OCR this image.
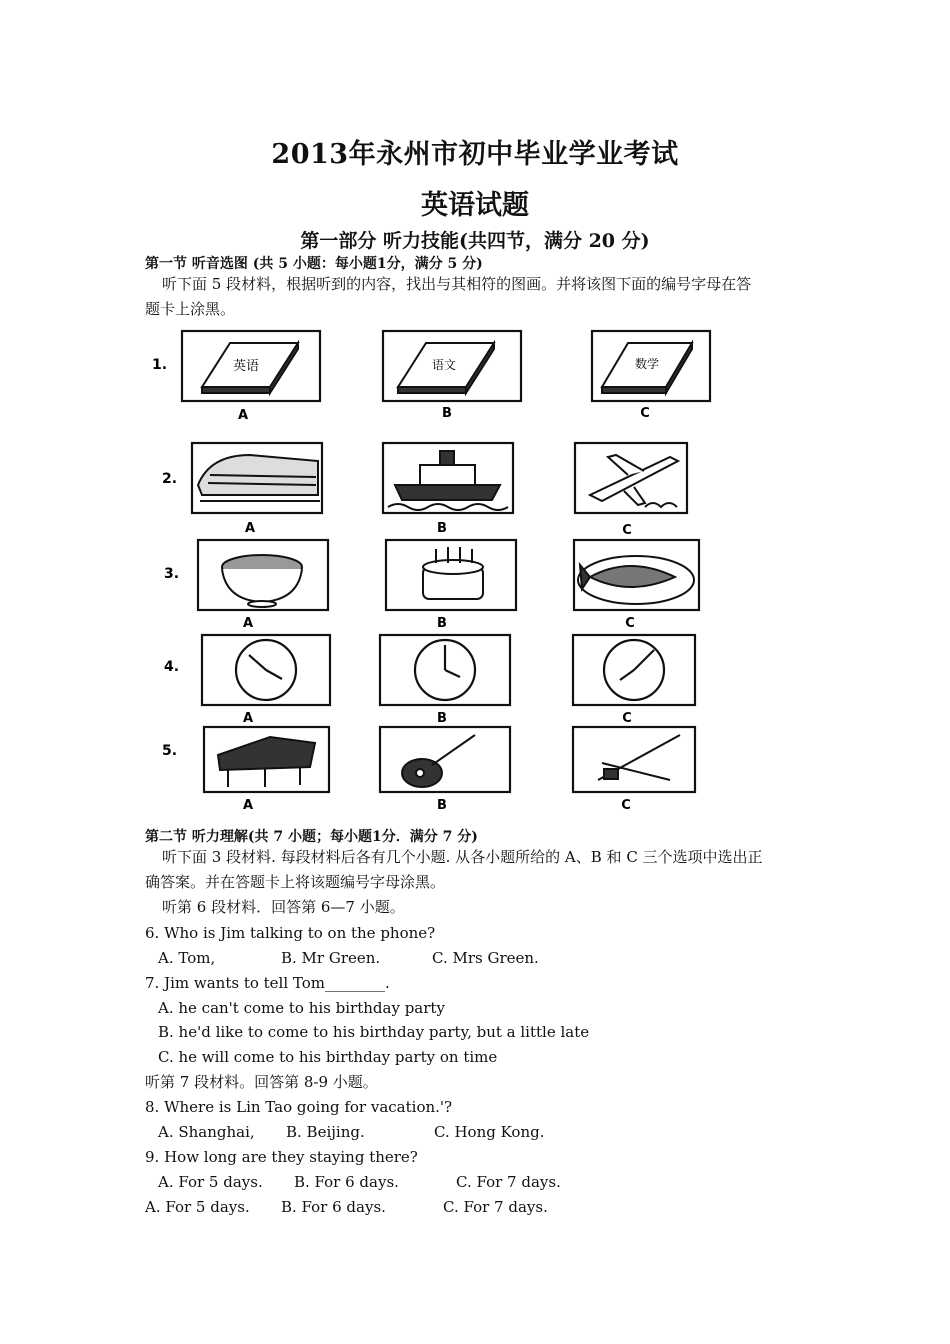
2013年永州市初中毕业学业考试
英语试题
第一部分 听力技能(共四节，满分 20 分)
第一节 听音选图 (共 5 小题：每小题1分，满分 5 分)
听下面 5 段材料，根据听到的内容，找出与其相符的图画。并将该图下面的编号字母在答
题卡上涂黑。
英语	语文	数学
1.
2.
3.
4.
5.
A	B	C
A	B	C
A	B	C
A	B	C
A	B	C
第二节 听力理解(共 7 小题；每小题1分．满分 7 分)
听下面 3 段材料. 每段材料后各有几个小题. 从各小题所给的 A、B 和 C 三个选项中选出正
确答案。并在答题卡上将该题编号字母涂黑。
听第 6 段材料．回答第 6—7 小题。
6. Who is Jim talking to on the phone?
A. Tom,	B. Mr Green.	C. Mrs Green.
7. Jim wants to tell Tom________.
A. he can't come to his birthday party
B. he'd like to come to his birthday party, but a little late
C. he will come to his birthday party on time
听第 7 段材料。回答第 8-9 小题。
8. Where is Lin Tao going for vacation.'?
A. Shanghai, B. Beijing.	C. Hong Kong.
9. How long are they staying there?
A. For 5 days. B. For 6 days.	C. For 7 days.
A. For 5 days. B. For 6 days.	C. For 7 days.
